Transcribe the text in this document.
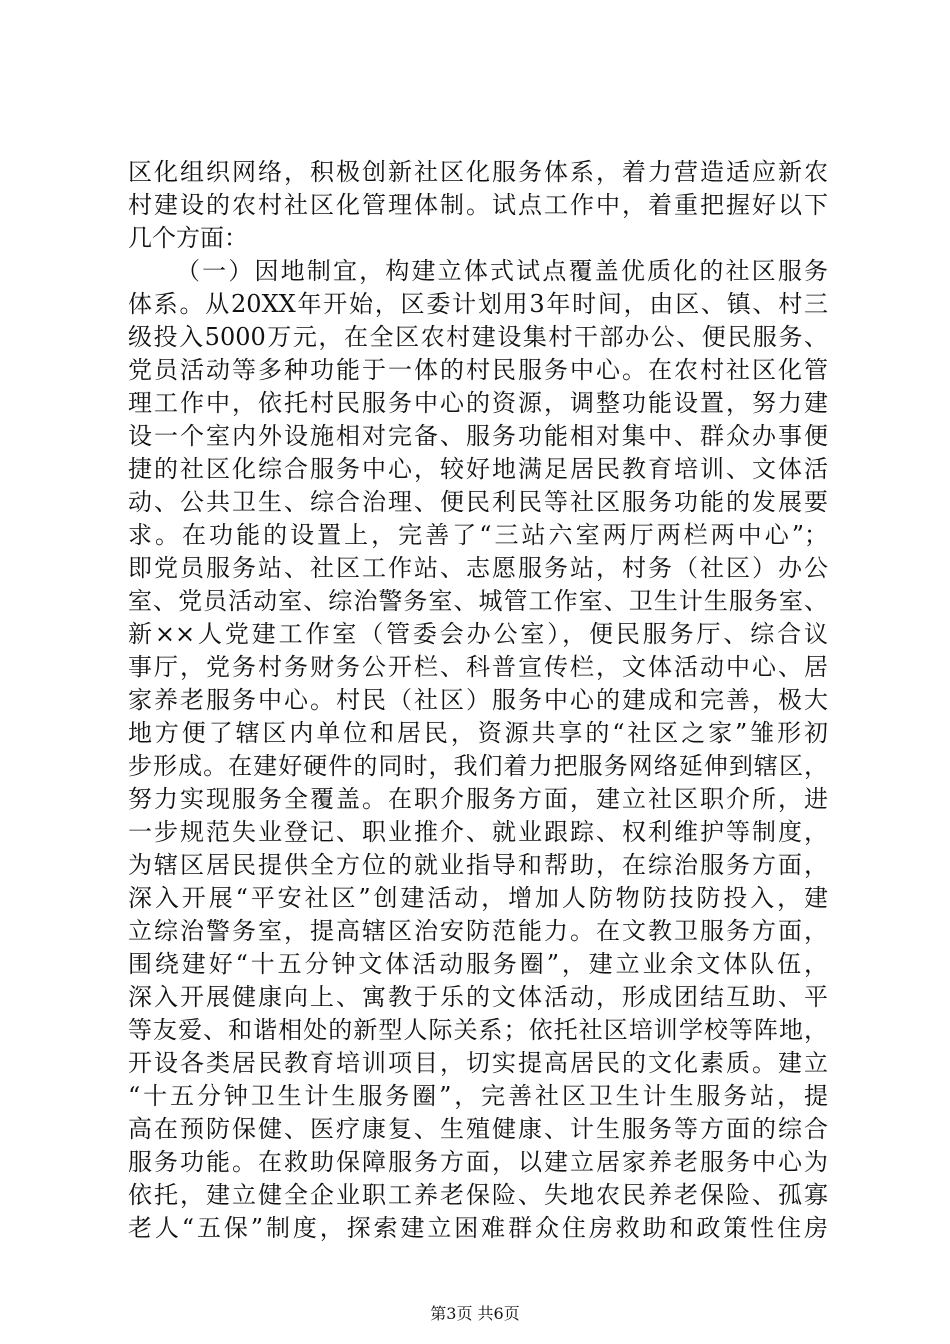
区化组织网络，积极创新社区化服务体系，着力营造适应新农
村建设的农村社区化管理体制。试点工作中，着重把握好以下
几个方面：
（一）因地制宜，构建立体式试点覆盖优质化的社区服务
体系。从20XX年开始，区委计划用3年时间，由区、镇、村三
级投入5000万元，在全区农村建设集村干部办公、便民服务、
党员活动等多种功能于一体的村民服务中心。在农村社区化管
理工作中，依托村民服务中心的资源，调整功能设置，努力建
设一个室内外设施相对完备、服务功能相对集中、群众办事便
捷的社区化综合服务中心，较好地满足居民教育培训、文体活
动、公共卫生、综合治理、便民利民等社区服务功能的发展要
求。在功能的设置上，完善了“三站六室两厅两栏两中心”；
即党员服务站、社区工作站、志愿服务站，村务（社区）办公
室、党员活动室、综治警务室、城管工作室、卫生计生服务室、
新××人党建工作室（管委会办公室），便民服务厅、综合议
事厅，党务村务财务公开栏、科普宣传栏，文体活动中心、居
家养老服务中心。村民（社区）服务中心的建成和完善，极大
地方便了辖区内单位和居民，资源共享的“社区之家”雏形初
步形成。在建好硬件的同时，我们着力把服务网络延伸到辖区，
努力实现服务全覆盖。在职介服务方面，建立社区职介所，进
一步规范失业登记、职业推介、就业跟踪、权利维护等制度，
为辖区居民提供全方位的就业指导和帮助，在综治服务方面，
深入开展“平安社区”创建活动，增加人防物防技防投入，建
立综治警务室，提高辖区治安防范能力。在文教卫服务方面，
围绕建好“十五分钟文体活动服务圈”，建立业余文体队伍，
深入开展健康向上、寓教于乐的文体活动，形成团结互助、平
等友爱、和谐相处的新型人际关系；依托社区培训学校等阵地，
开设各类居民教育培训项目，切实提高居民的文化素质。建立
“十五分钟卫生计生服务圈”，完善社区卫生计生服务站，提
高在预防保健、医疗康复、生殖健康、计生服务等方面的综合
服务功能。在救助保障服务方面，以建立居家养老服务中心为
依托，建立健全企业职工养老保险、失地农民养老保险、孤寡
老人“五保”制度，探索建立困难群众住房救助和政策性住房
第3页 共6页
